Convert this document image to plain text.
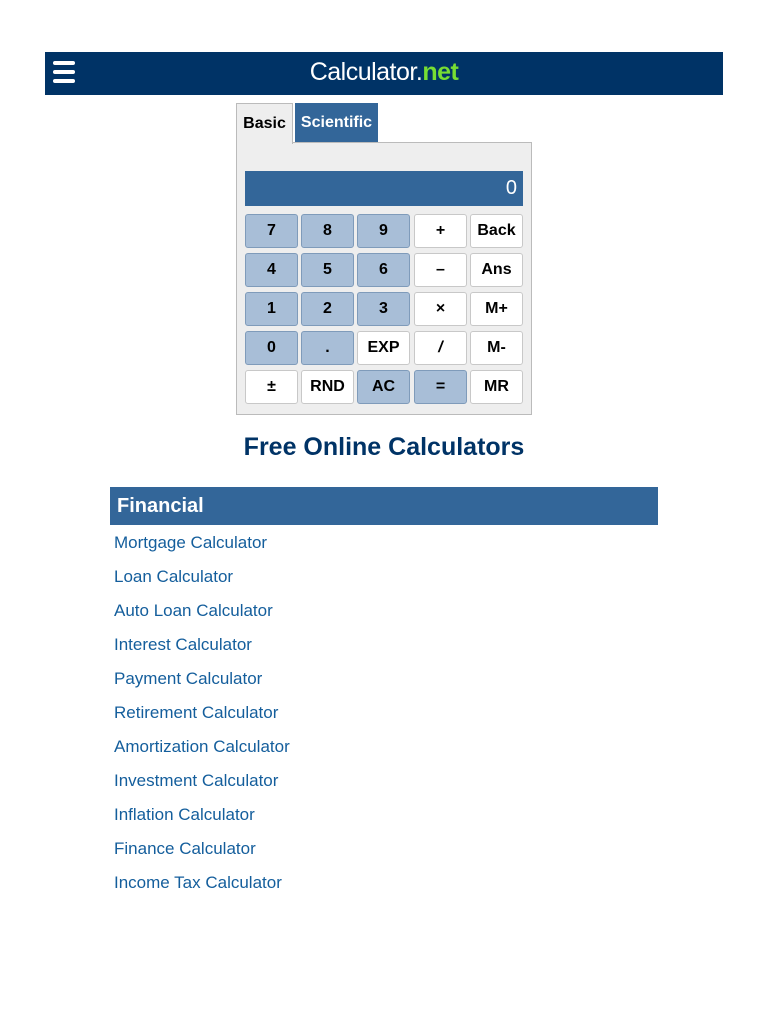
Calculator.net
Basic Scientific
0
7	8	9	+	Back
4	5	6	–	Ans
1	2	3	×	M+
0	.	EXP	/	M-
±	RND	AC	=	MR
Free Online Calculators
Financial
Mortgage Calculator
Loan Calculator
Auto Loan Calculator
Interest Calculator
Payment Calculator
Retirement Calculator
Amortization Calculator
Investment Calculator
Inflation Calculator
Finance Calculator
Income Tax Calculator
